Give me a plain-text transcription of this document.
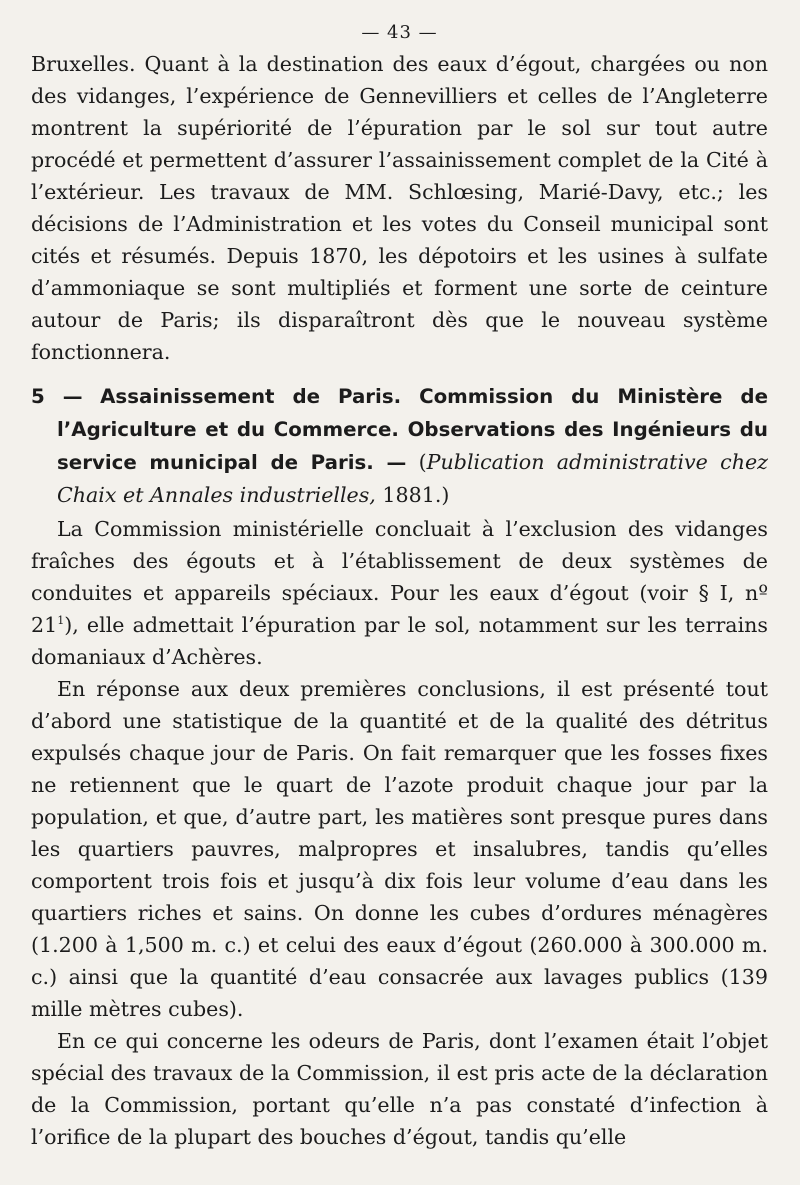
— 43 —

Bruxelles. Quant à la destination des eaux d’égout, chargées ou non des vidanges, l’expérience de Gennevilliers et celles de l’Angleterre montrent la supériorité de l’épuration par le sol sur tout autre procédé et permettent d’assurer l’assainissement complet de la Cité à l’extérieur. Les travaux de MM. Schlœsing, Marié-Davy, etc.; les décisions de l’Administration et les votes du Conseil municipal sont cités et résumés. Depuis 1870, les dépotoirs et les usines à sulfate d’ammoniaque se sont multipliés et forment une sorte de ceinture autour de Paris; ils disparaîtront dès que le nouveau système fonctionnera.

5 — Assainissement de Paris. Commission du Ministère de l’Agriculture et du Commerce. Observations des Ingénieurs du service municipal de Paris. — (Publication administrative chez Chaix et Annales industrielles, 1881.)

La Commission ministérielle concluait à l’exclusion des vidanges fraîches des égouts et à l’établissement de deux systèmes de conduites et appareils spéciaux. Pour les eaux d’égout (voir § I, nº $21^1$), elle admettait l’épuration par le sol, notamment sur les terrains domaniaux d’Achères.

En réponse aux deux premières conclusions, il est présenté tout d’abord une statistique de la quantité et de la qualité des détritus expulsés chaque jour de Paris. On fait remarquer que les fosses fixes ne retiennent que le quart de l’azote produit chaque jour par la population, et que, d’autre part, les matières sont presque pures dans les quartiers pauvres, malpropres et insalubres, tandis qu’elles comportent trois fois et jusqu’à dix fois leur volume d’eau dans les quartiers riches et sains. On donne les cubes d’ordures ménagères (1.200 à 1,500 m. c.) et celui des eaux d’égout (260.000 à 300.000 m. c.) ainsi que la quantité d’eau consacrée aux lavages publics (139 mille mètres cubes).

En ce qui concerne les odeurs de Paris, dont l’examen était l’objet spécial des travaux de la Commission, il est pris acte de la déclaration de la Commission, portant qu’elle n’a pas constaté d’infection à l’orifice de la plupart des bouches d’égout, tandis qu’elle
